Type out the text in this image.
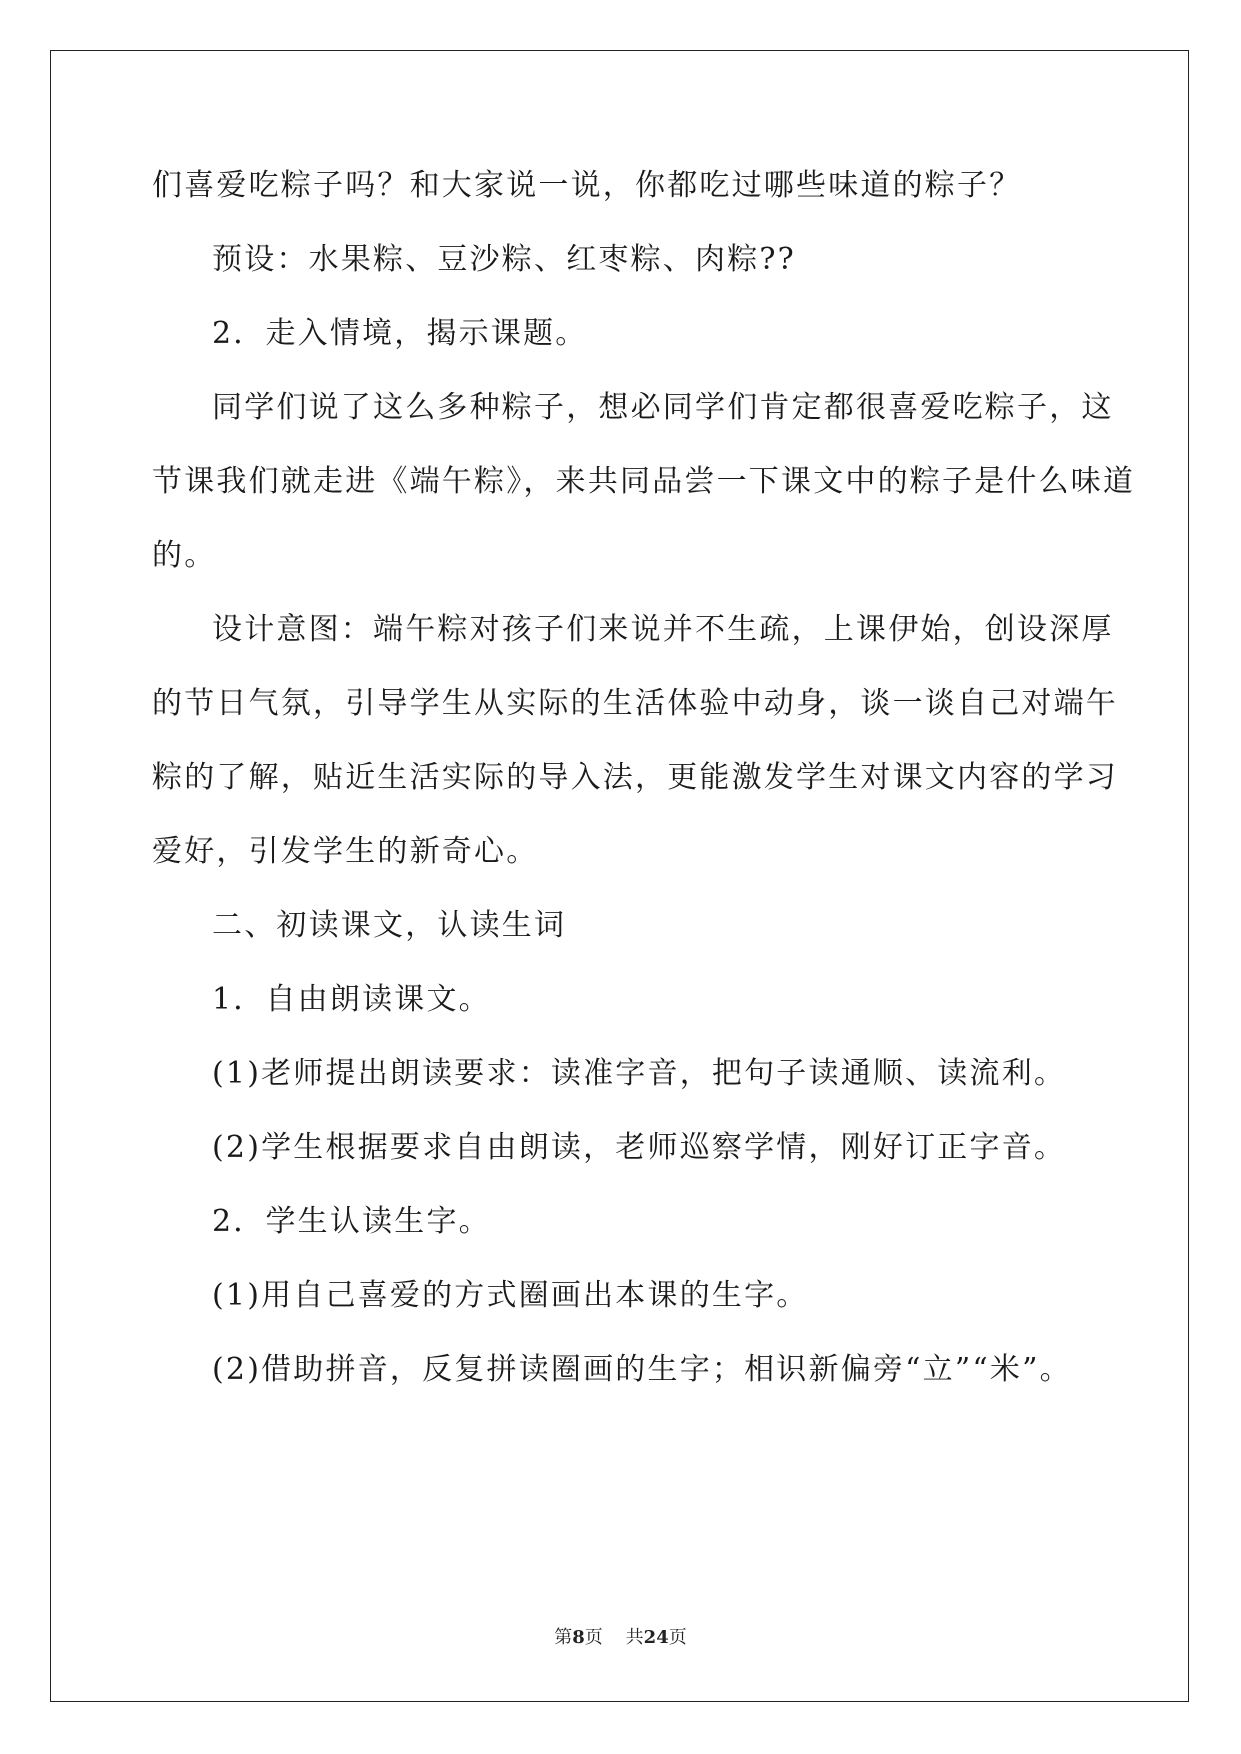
们喜爱吃粽子吗？和大家说一说，你都吃过哪些味道的粽子？
预设：水果粽、豆沙粽、红枣粽、肉粽??
2．走入情境，揭示课题。
同学们说了这么多种粽子，想必同学们肯定都很喜爱吃粽子，这
节课我们就走进《端午粽》，来共同品尝一下课文中的粽子是什么味道
的。
设计意图：端午粽对孩子们来说并不生疏，上课伊始，创设深厚
的节日气氛，引导学生从实际的生活体验中动身，谈一谈自己对端午
粽的了解，贴近生活实际的导入法，更能激发学生对课文内容的学习
爱好，引发学生的新奇心。
二、初读课文，认读生词
1．自由朗读课文。
(1)老师提出朗读要求：读准字音，把句子读通顺、读流利。
(2)学生根据要求自由朗读，老师巡察学情，刚好订正字音。
2．学生认读生字。
(1)用自己喜爱的方式圈画出本课的生字。
(2)借助拼音，反复拼读圈画的生字；相识新偏旁“立”“米”。
第8页 共24页
